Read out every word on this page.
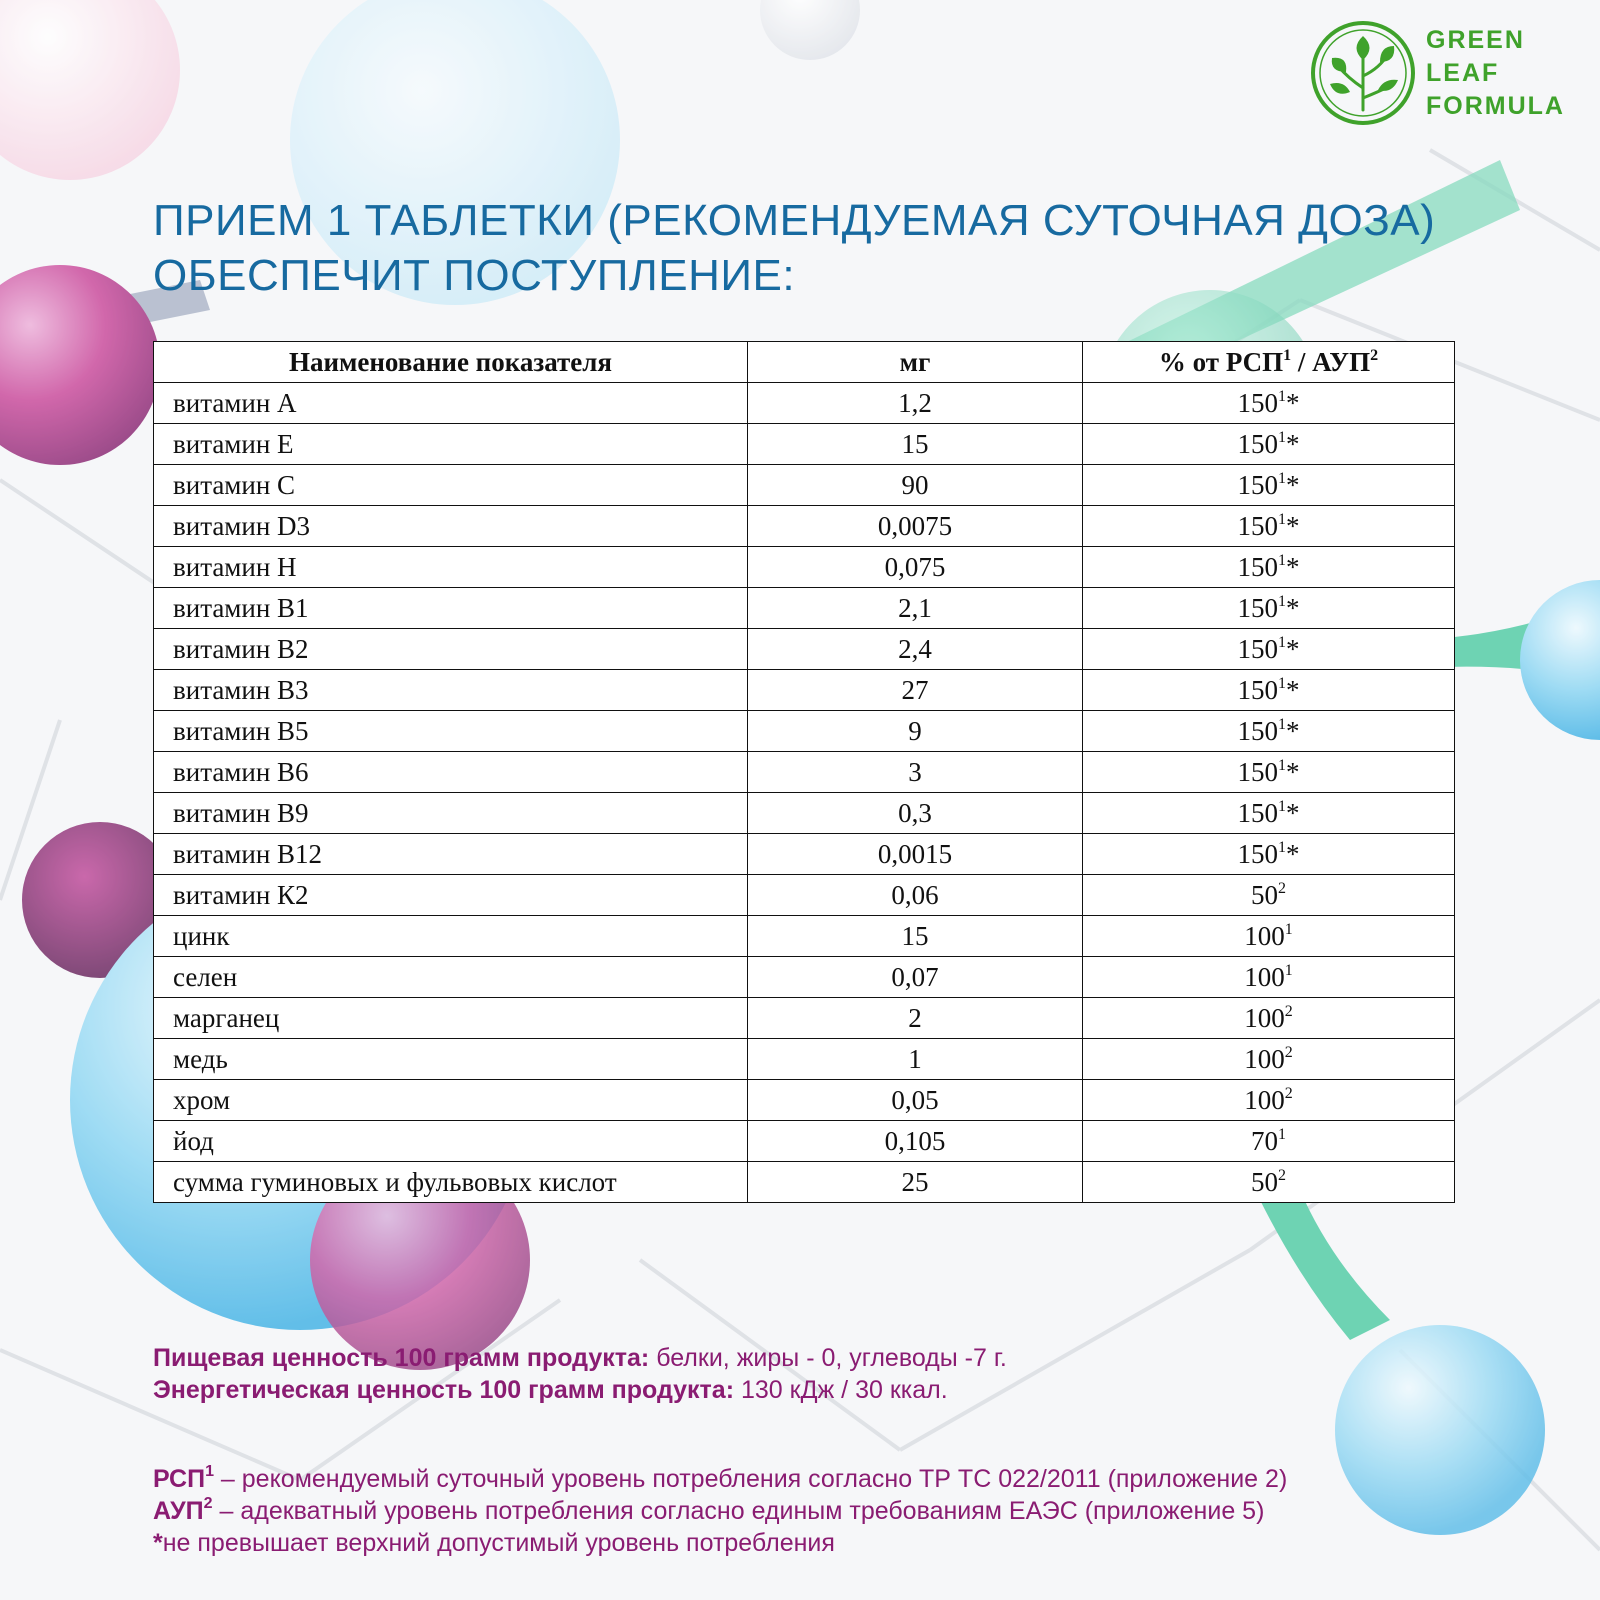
GREEN
LEAF
FORMULA
ПРИЕМ 1 ТАБЛЕТКИ (РЕКОМЕНДУЕМАЯ СУТОЧНАЯ ДОЗА)
ОБЕСПЕЧИТ ПОСТУПЛЕНИЕ:
Наименование показателя	мг	% от РСП$^1$ / АУП$^2$
витамин А	1,2	$150^1*$
витамин Е	15	$150^1*$
витамин С	90	$150^1*$
витамин D3	0,0075	$150^1*$
витамин Н	0,075	$150^1*$
витамин В1	2,1	$150^1*$
витамин В2	2,4	$150^1*$
витамин В3	27	$150^1*$
витамин В5	9	$150^1*$
витамин В6	3	$150^1*$
витамин В9	0,3	$150^1*$
витамин В12	0,0015	$150^1*$
витамин К2	0,06	$50^2$
цинк	15	$100^1$
селен	0,07	$100^1$
марганец	2	$100^2$
медь	1	$100^2$
хром	0,05	$100^2$
йод	0,105	$70^1$
сумма гуминовых и фульвовых кислот	25	$50^2$
Пищевая ценность 100 грамм продукта: белки, жиры - 0, углеводы -7 г.
Энергетическая ценность 100 грамм продукта: 130 кДж / 30 ккал.
РСП$^1$ – рекомендуемый суточный уровень потребления согласно ТР ТС 022/2011 (приложение 2)
АУП$^2$ – адекватный уровень потребления согласно единым требованиям ЕАЭС (приложение 5)
*не превышает верхний допустимый уровень потребления
